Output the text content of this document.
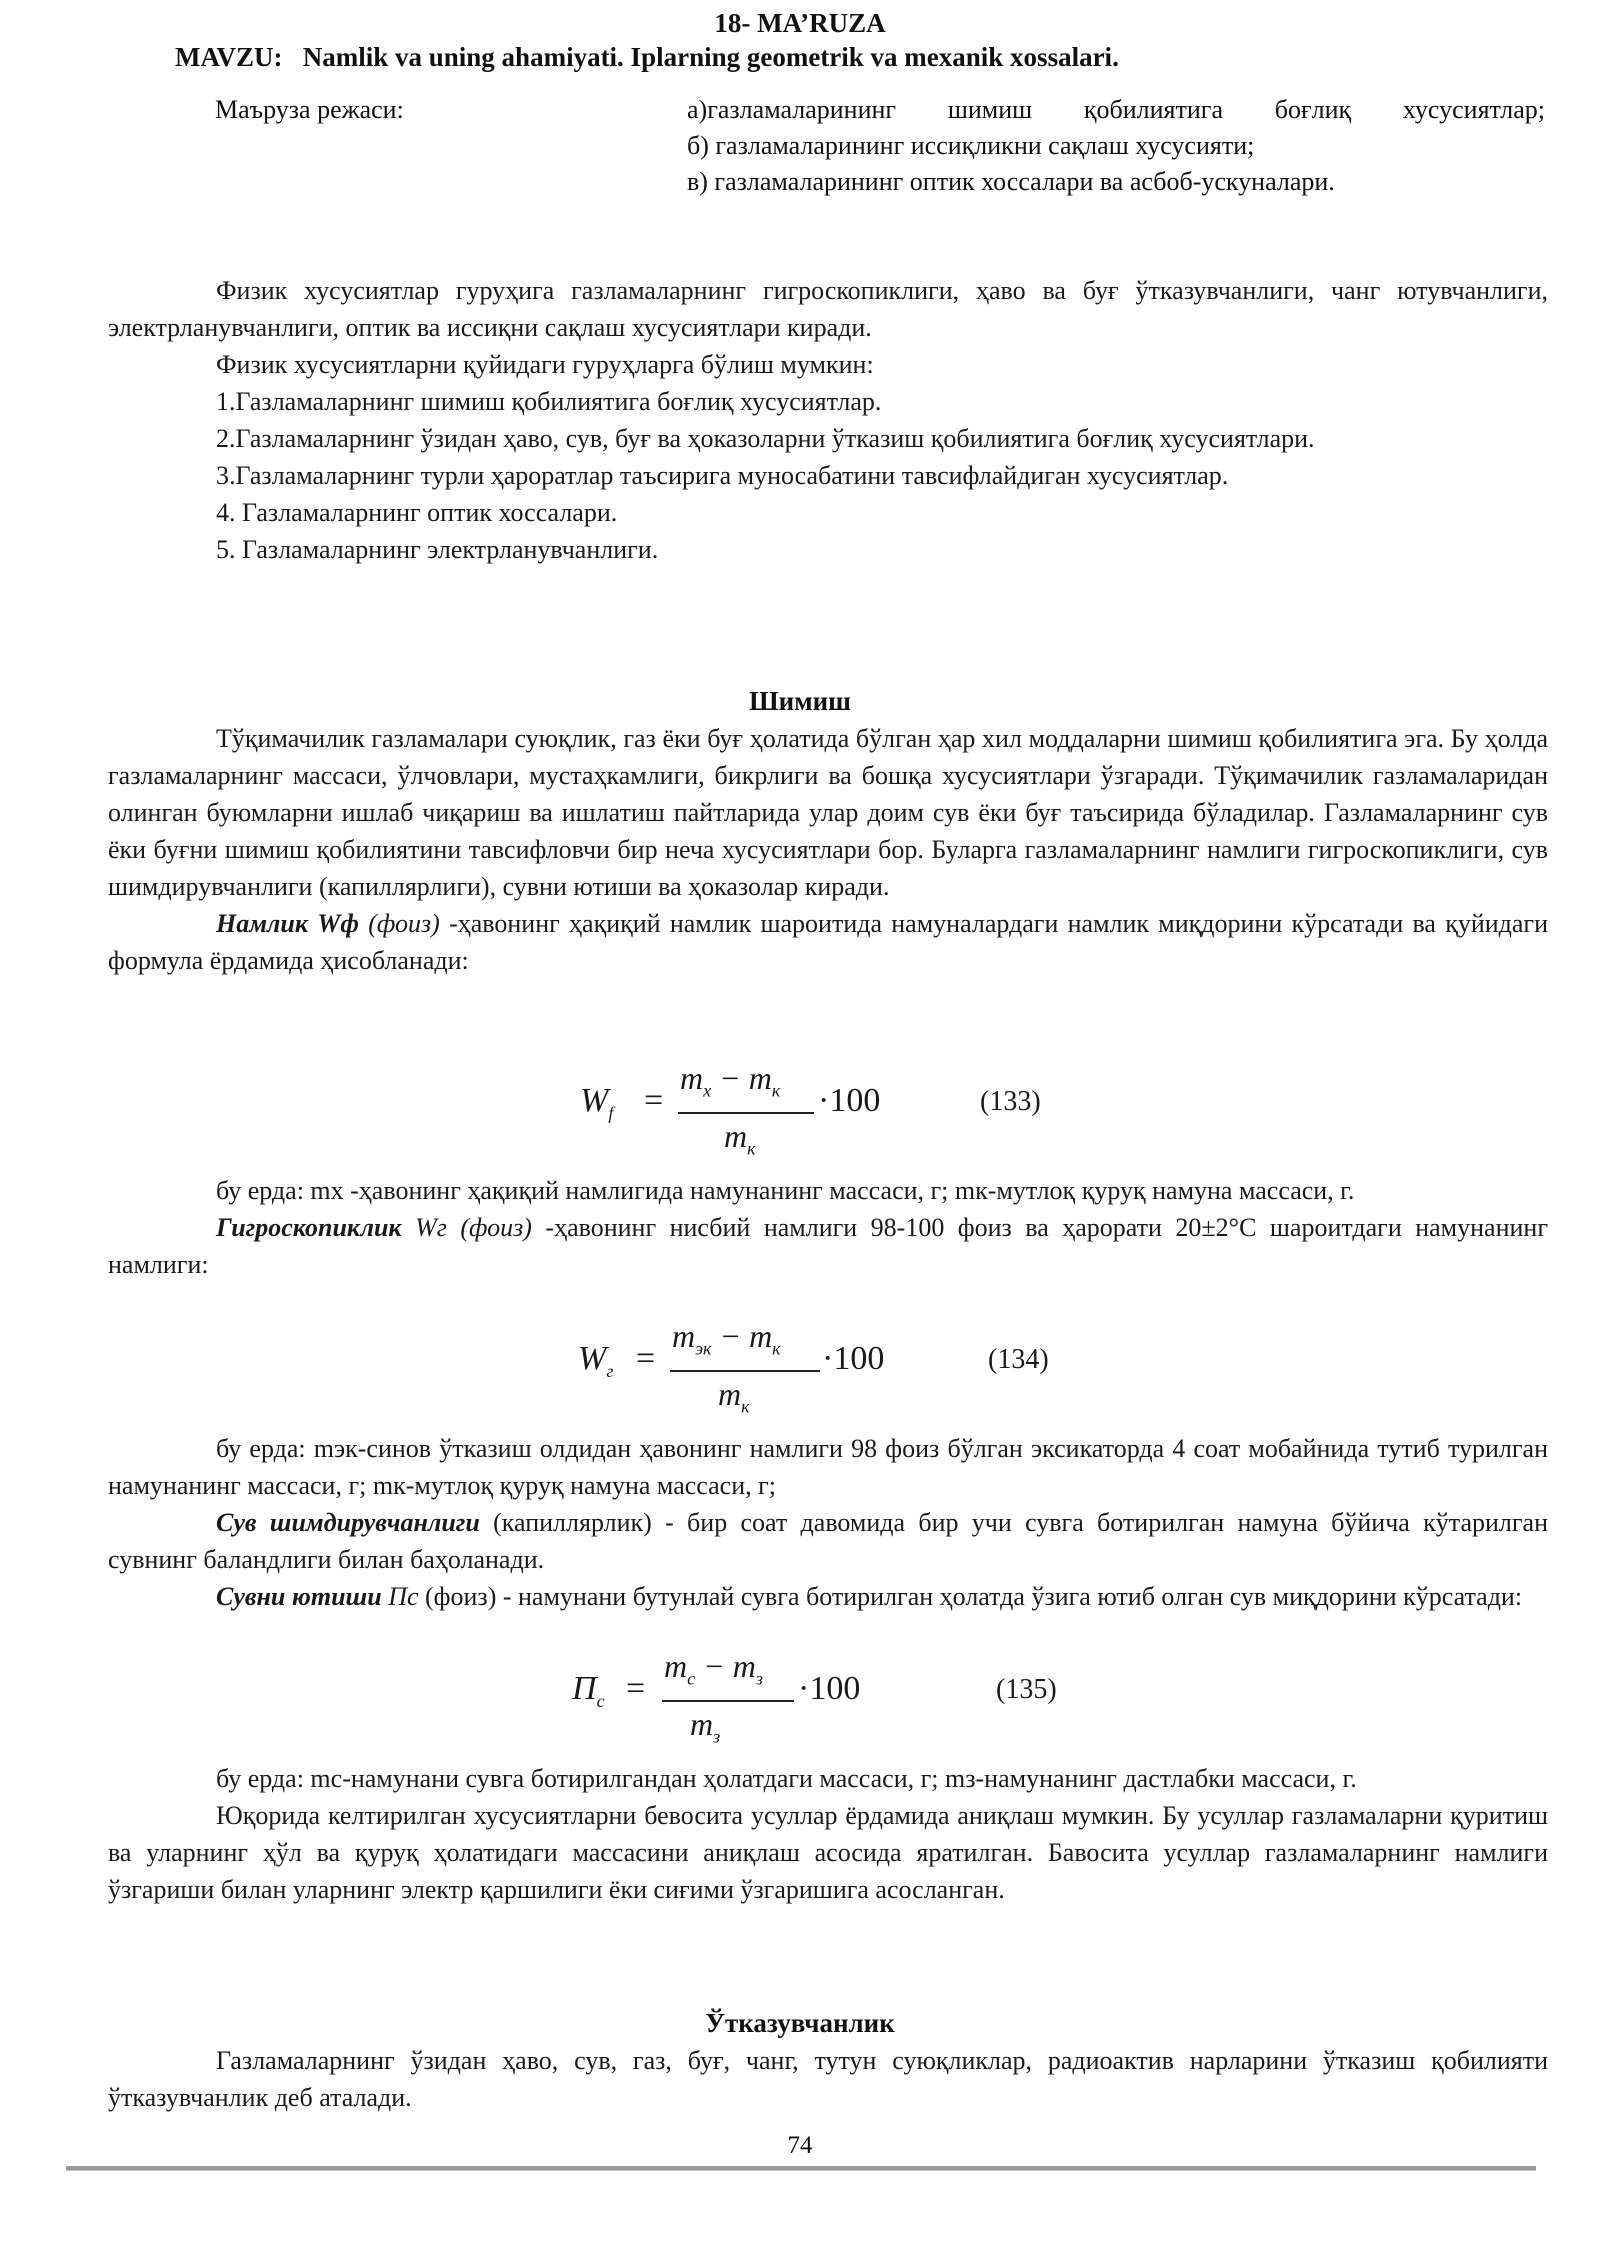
18- MA’RUZA
MAVZU:   Namlik va uning ahamiyati. Iplarning geometrik va mexanik xossalari.
Маъруза режаси:	а)газламаларининг шимиш қобилиятига боғлиқ хусусиятлар;
б) газламаларининг иссиқликни сақлаш хусусияти;
в) газламаларининг оптик хоссалари ва асбоб-ускуналари.
Физик хусусиятлар гуруҳига газламаларнинг гигроскопиклиги, ҳаво ва буғ ўтказувчанлиги, чанг ютувчанлиги, электрланувчанлиги, оптик ва иссиқни сақлаш хусусиятлари киради.
Физик хусусиятларни қуйидаги гуруҳларга бўлиш мумкин:
1.Газламаларнинг шимиш қобилиятига боғлиқ хусусиятлар.
2.Газламаларнинг ўзидан ҳаво, сув, буғ ва ҳоказоларни ўтказиш қобилиятига боғлиқ хусусиятлари.
3.Газламаларнинг турли ҳароратлар таъсирига муносабатини тавсифлайдиган хусусиятлар.
4. Газламаларнинг оптик хоссалари.
5. Газламаларнинг электрланувчанлиги.
Шимиш
Тўқимачилик газламалари суюқлик, газ ёки буғ ҳолатида бўлган ҳар хил моддаларни шимиш қобилиятига эга. Бу ҳолда газламаларнинг массаси, ўлчовлари, мустаҳкамлиги, бикрлиги ва бошқа хусусиятлари ўзгаради. Тўқимачилик газламаларидан олинган буюмларни ишлаб чиқариш ва ишлатиш пайтларида улар доим сув ёки буғ таъсирида бўладилар. Газламаларнинг сув ёки буғни шимиш қобилиятини тавсифловчи бир неча хусусиятлари бор. Буларга газламаларнинг намлиги гигроскопиклиги, сув шимдирувчанлиги (капиллярлиги), сувни ютиши ва ҳоказолар киради.
Намлик Wф (фоиз) -ҳавонинг ҳақиқий намлик шароитида намуналардаги намлик миқдорини кўрсатади ва қуйидаги формула ёрдамида ҳисобланади:
$W_f$ =
$m_x - m_к$
$m_к$
·100	(133)
бу ерда: mх -ҳавонинг ҳақиқий намлигида намунанинг массаси, г; mк-мутлоқ қуруқ намуна массаси, г.
Гигроскопиклик Wг (фоиз) -ҳавонинг нисбий намлиги 98-100 фоиз ва ҳарорати 20±2°С шароитдаги намунанинг намлиги:
$W_г$ =
$m_{эк} - m_к$
$m_к$
·100	(134)
бу ерда: mэк-синов ўтказиш олдидан ҳавонинг намлиги 98 фоиз бўлган эксикаторда 4 соат мобайнида тутиб турилган намунанинг массаси, г; mк-мутлоқ қуруқ намуна массаси, г;
Сув шимдирувчанлиги (капиллярлик) - бир соат давомида бир учи сувга ботирилган намуна бўйича кўтарилган сувнинг баландлиги билан баҳоланади.
Сувни ютиши Пс (фоиз) - намунани бутунлай сувга ботирилган ҳолатда ўзига ютиб олган сув миқдорини кўрсатади:
$П_с$ =
$m_с - m_з$
$m_з$
·100	(135)
бу ерда: mс-намунани сувга ботирилгандан ҳолатдаги массаси, г; mз-намунанинг дастлабки массаси, г.
Юқорида келтирилган хусусиятларни бевосита усуллар ёрдамида аниқлаш мумкин. Бу усуллар газламаларни қуритиш ва уларнинг ҳўл ва қуруқ ҳолатидаги массасини аниқлаш асосида яратилган. Бавосита усуллар газламаларнинг намлиги ўзгариши билан уларнинг электр қаршилиги ёки сиғими ўзгаришига асосланган.
Ўтказувчанлик
Газламаларнинг ўзидан ҳаво, сув, газ, буғ, чанг, тутун суюқликлар, радиоактив нарларини ўтказиш қобилияти ўтказувчанлик деб аталади.
74
